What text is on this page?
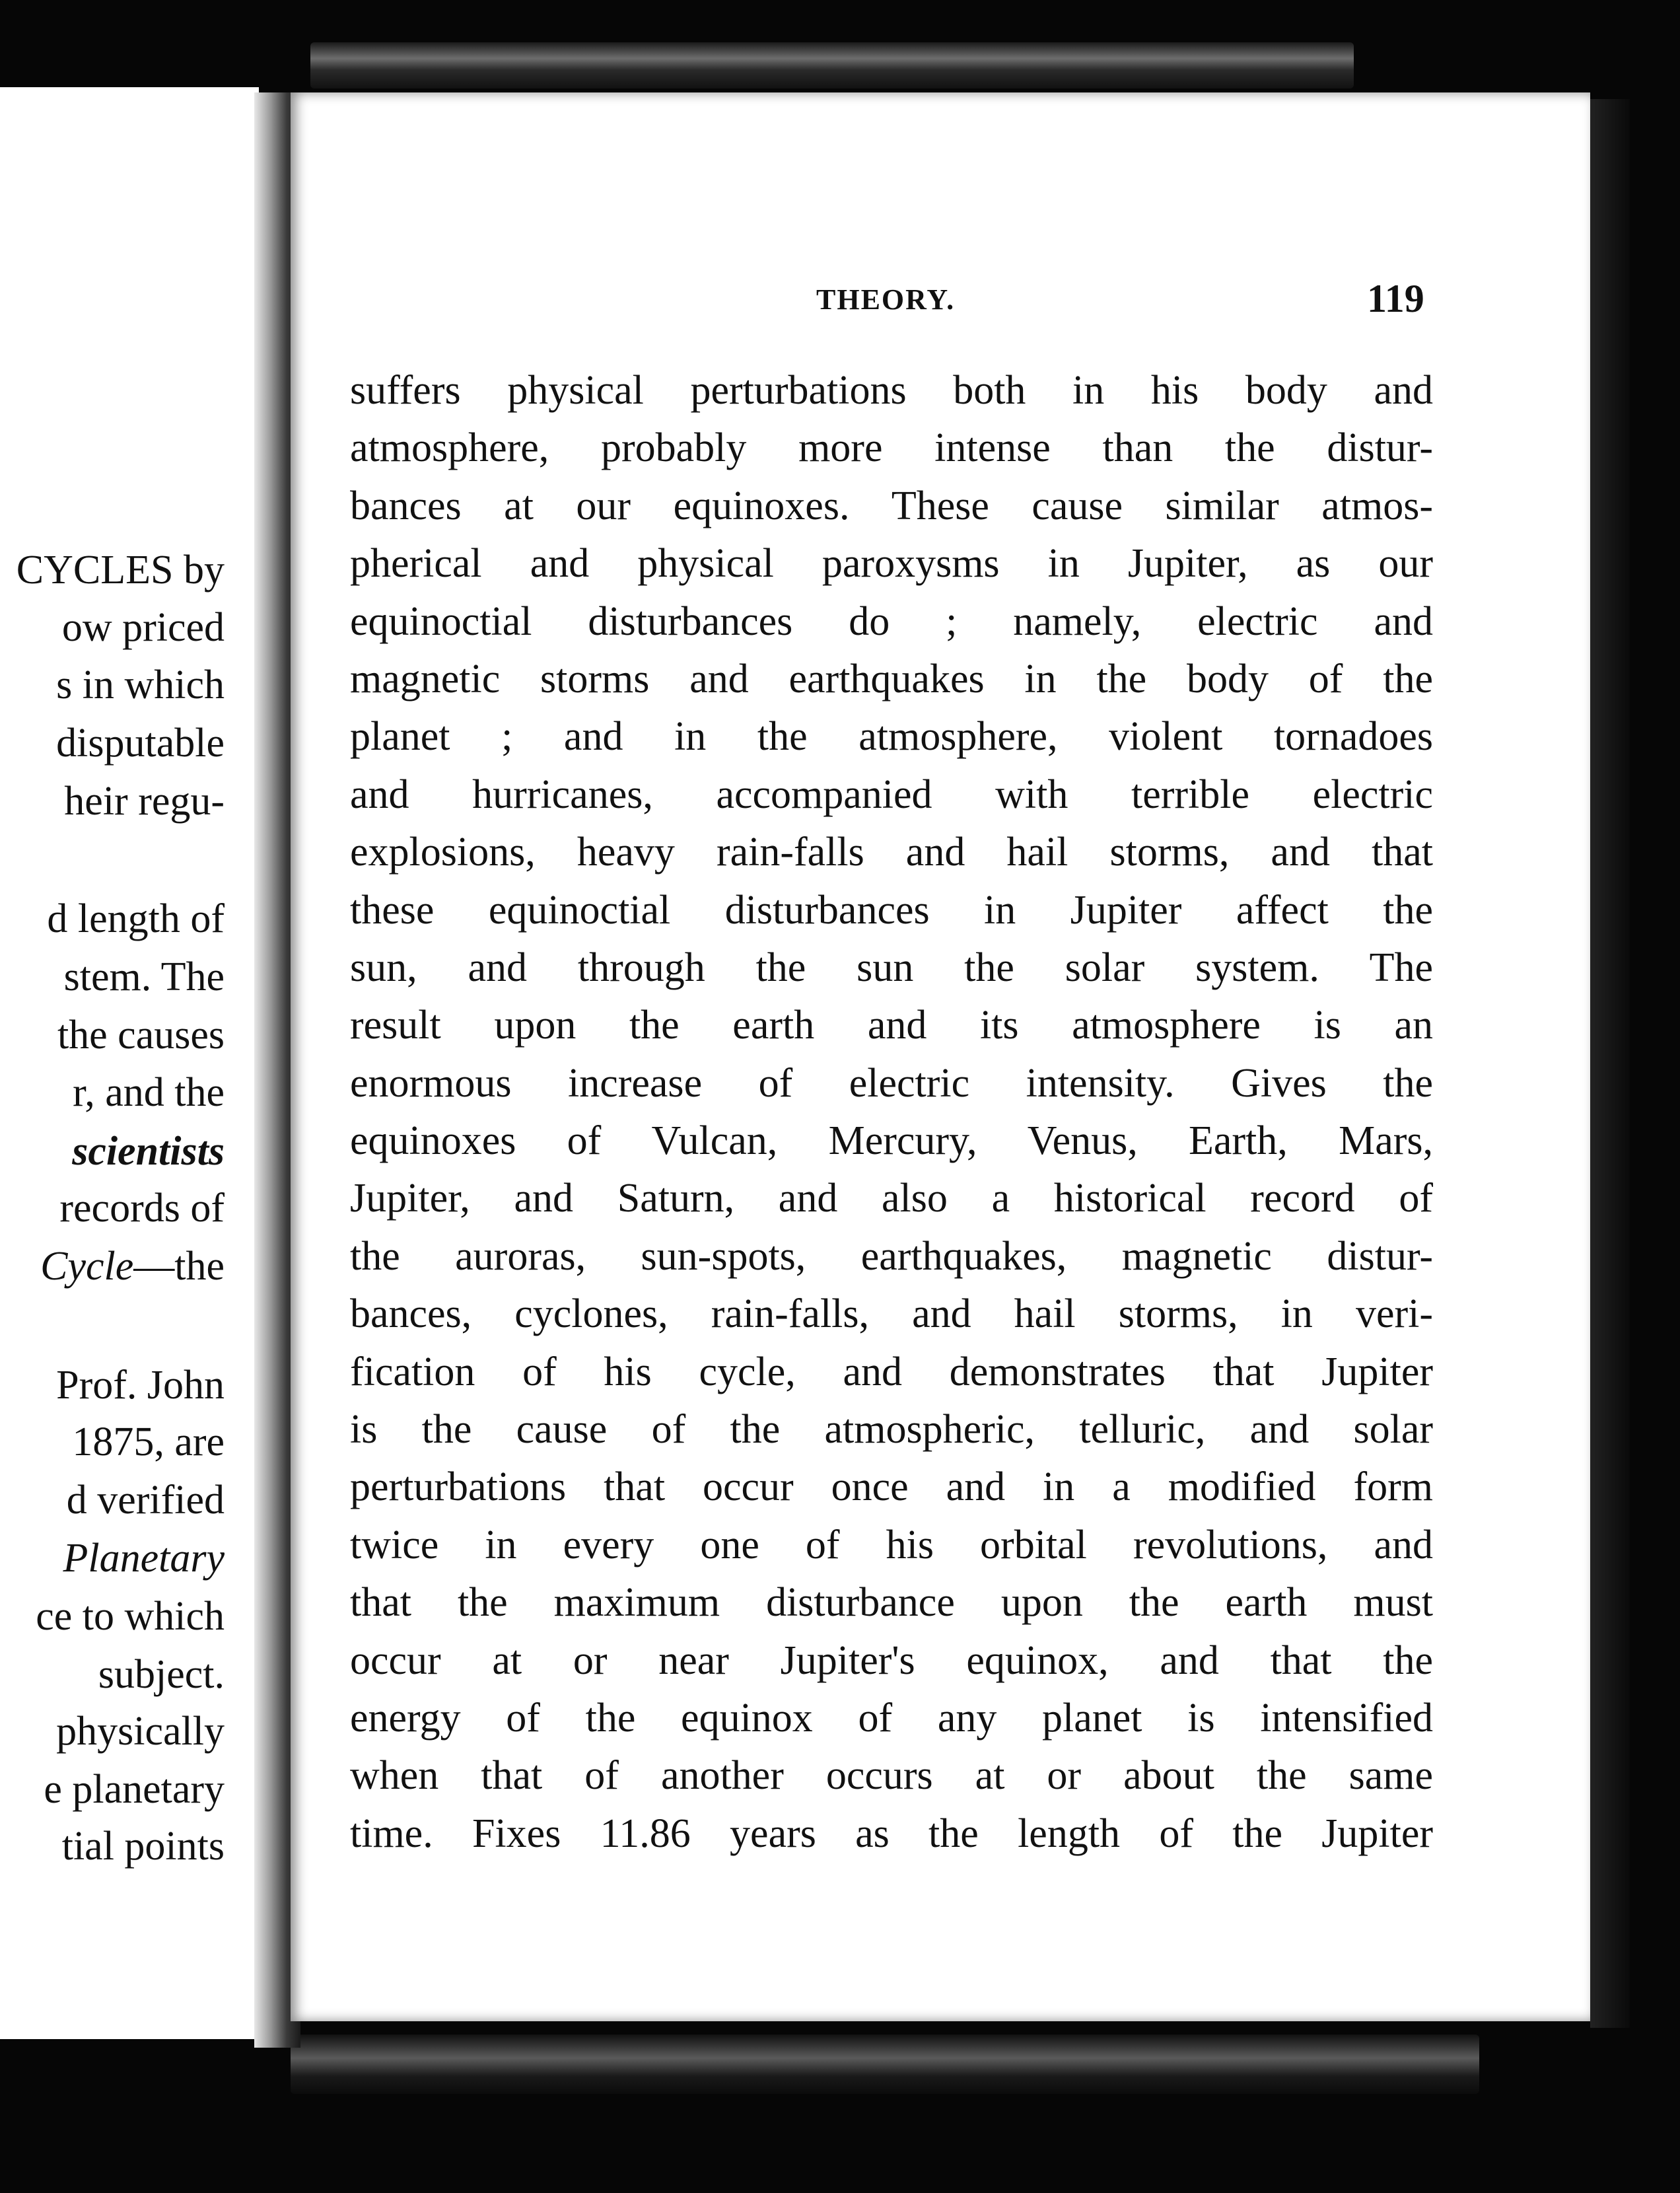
CYCLES by
ow priced
s in which
disputable
heir regu-
d length of
stem. The
the causes
r, and the
scientists
records of
Cycle—the
Prof. John
1875, are
d verified
Planetary
ce to which
subject.
physically
e planetary
tial points
THEORY.	119
suffers physical perturbations both in his body and
atmosphere, probably more intense than the distur-
bances at our equinoxes. These cause similar atmos-
pherical and physical paroxysms in Jupiter, as our
equinoctial disturbances do ; namely, electric and
magnetic storms and earthquakes in the body of the
planet ; and in the atmosphere, violent tornadoes
and hurricanes, accompanied with terrible electric
explosions, heavy rain-falls and hail storms, and that
these equinoctial disturbances in Jupiter affect the
sun, and through the sun the solar system. The
result upon the earth and its atmosphere is an
enormous increase of electric intensity. Gives the
equinoxes of Vulcan, Mercury, Venus, Earth, Mars,
Jupiter, and Saturn, and also a historical record of
the auroras, sun-spots, earthquakes, magnetic distur-
bances, cyclones, rain-falls, and hail storms, in veri-
fication of his cycle, and demonstrates that Jupiter
is the cause of the atmospheric, telluric, and solar
perturbations that occur once and in a modified form
twice in every one of his orbital revolutions, and
that the maximum disturbance upon the earth must
occur at or near Jupiter's equinox, and that the
energy of the equinox of any planet is intensified
when that of another occurs at or about the same
time. Fixes 11.86 years as the length of the Jupiter
